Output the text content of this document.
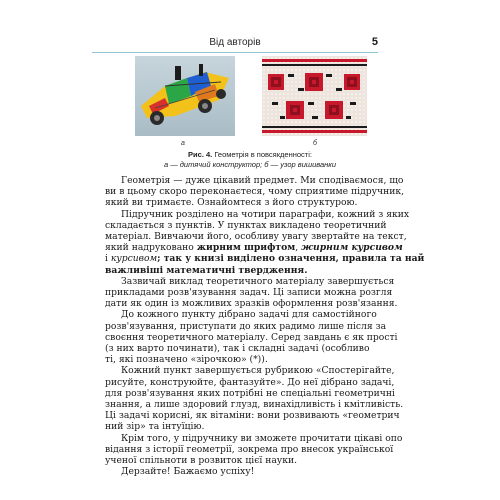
Від авторів	5
а	б
Рис. 4. Геометрія в повсякденності:
а — дитячий конструктор; б — узор вишиванки
Геометрія — дуже цікавий предмет. Ми сподіваємося, що
ви в цьому скоро переконаєтеся, чому сприятиме підручник,
який ви тримаєте. Ознайомтеся з його структурою.
Підручник розділено на чотири параграфи, кожний з яких
складається з пунктів. У пунктах викладено теоретичний
матеріал. Вивчаючи його, особливу увагу звертайте на текст,
який надруковано жирним шрифтом, жирним курсивом
і курсивом; так у книзі виділено означення, правила та най
важливіші математичні твердження.
Зазвичай виклад теоретичного матеріалу завершується
прикладами розв'язування задач. Ці записи можна розгля
дати як один із можливих зразків оформлення розв'язання.
До кожного пункту дібрано задачі для самостійного
розв'язування, приступати до яких радимо лише після за
своєння теоретичного матеріалу. Серед завдань є як прості
(з них варто починати), так і складні задачі (особливо
ті, які позначено «зірочкою» (*)).
Кожний пункт завершується рубрикою «Спостерігайте,
рисуйте, конструюйте, фантазуйте». До неї дібрано задачі,
для розв'язування яких потрібні не спеціальні геометричні
знання, а лише здоровий глузд, винахідливість і кмітливість.
Ці задачі корисні, як вітаміни: вони розвивають «геометрич
ний зір» та інтуїцію.
Крім того, у підручнику ви зможете прочитати цікаві опо
відання з історії геометрії, зокрема про внесок української
ученої спільноти в розвиток цієї науки.
Дерзайте! Бажаємо успіху!
